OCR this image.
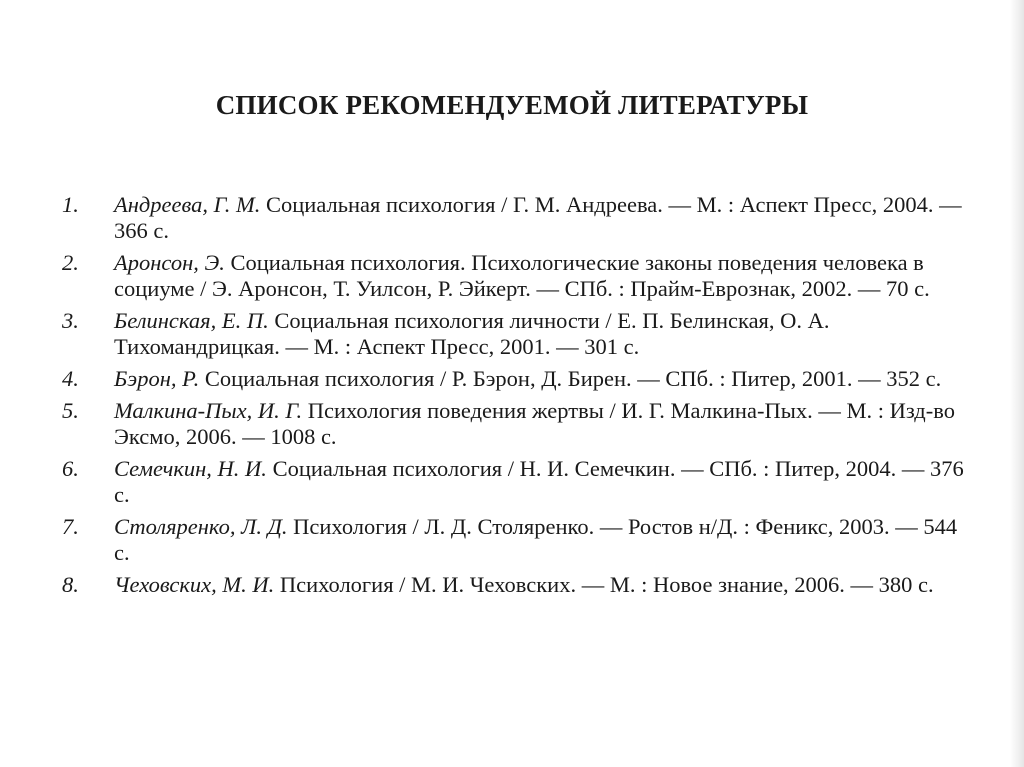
СПИСОК РЕКОМЕНДУЕМОЙ ЛИТЕРАТУРЫ
1. Андреева, Г. М. Социальная психология / Г. М. Андреева. — М. : Аспект Пресс, 2004. — 366 с.
2. Аронсон, Э. Социальная психология. Психологические законы поведения человека в социуме / Э. Аронсон, Т. Уилсон, Р. Эйкерт. — СПб. : Прайм-Еврознак, 2002. — 70 с.
3. Белинская, Е. П. Социальная психология личности / Е. П. Белинская, О. А. Тихомандрицкая. — М. : Аспект Пресс, 2001. — 301 с.
4. Бэрон, Р. Социальная психология / Р. Бэрон, Д. Бирен. — СПб. : Питер, 2001. — 352 с.
5. Малкина-Пых, И. Г. Психология поведения жертвы / И. Г. Малкина-Пых. — М. : Изд-во Эксмо, 2006. — 1008 с.
6. Семечкин, Н. И. Социальная психология / Н. И. Семечкин. — СПб. : Питер, 2004. — 376 с.
7. Столяренко, Л. Д. Психология / Л. Д. Столяренко. — Ростов н/Д. : Феникс, 2003. — 544 с.
8. Чеховских, М. И. Психология / М. И. Чеховских. — М. : Новое знание, 2006. — 380 с.
